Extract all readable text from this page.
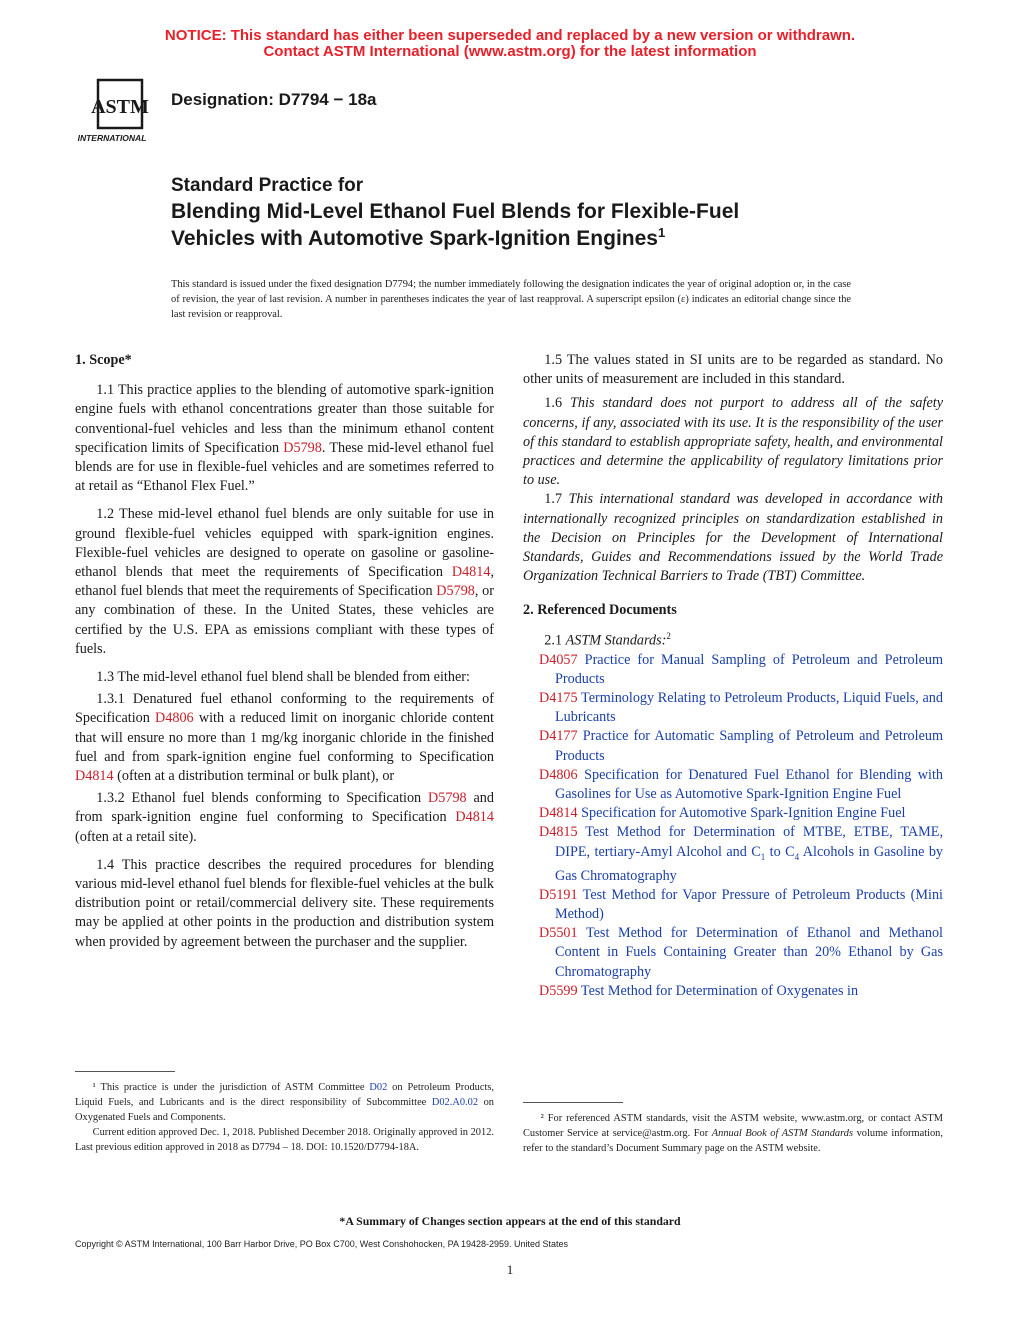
NOTICE: This standard has either been superseded and replaced by a new version or withdrawn.
Contact ASTM International (www.astm.org) for the latest information
ASTM
INTERNATIONAL
Designation: D7794 − 18a
Standard Practice for
Blending Mid-Level Ethanol Fuel Blends for Flexible-Fuel
Vehicles with Automotive Spark-Ignition Engines$^1$
This standard is issued under the fixed designation D7794; the number immediately following the designation indicates the year of original adoption or, in the case of revision, the year of last revision. A number in parentheses indicates the year of last reapproval. A superscript epsilon (ε) indicates an editorial change since the last revision or reapproval.

1. Scope*

1.1 This practice applies to the blending of automotive spark-ignition engine fuels with ethanol concentrations greater than those suitable for conventional-fuel vehicles and less than the minimum ethanol content specification limits of Specification D5798. These mid-level ethanol fuel blends are for use in flexible-fuel vehicles and are sometimes referred to at retail as “Ethanol Flex Fuel.”

1.2 These mid-level ethanol fuel blends are only suitable for use in ground flexible-fuel vehicles equipped with spark-ignition engines. Flexible-fuel vehicles are designed to operate on gasoline or gasoline-ethanol blends that meet the requirements of Specification D4814, ethanol fuel blends that meet the requirements of Specification D5798, or any combination of these. In the United States, these vehicles are certified by the U.S. EPA as emissions compliant with these types of fuels.

1.3 The mid-level ethanol fuel blend shall be blended from either:

1.3.1 Denatured fuel ethanol conforming to the requirements of Specification D4806 with a reduced limit on inorganic chloride content that will ensure no more than 1 mg/kg inorganic chloride in the finished fuel and from spark-ignition engine fuel conforming to Specification D4814 (often at a distribution terminal or bulk plant), or

1.3.2 Ethanol fuel blends conforming to Specification D5798 and from spark-ignition engine fuel conforming to Specification D4814 (often at a retail site).

1.4 This practice describes the required procedures for blending various mid-level ethanol fuel blends for flexible-fuel vehicles at the bulk distribution point or retail/commercial delivery site. These requirements may be applied at other points in the production and distribution system when provided by agreement between the purchaser and the supplier.

¹ This practice is under the jurisdiction of ASTM Committee D02 on Petroleum Products, Liquid Fuels, and Lubricants and is the direct responsibility of Subcommittee D02.A0.02 on Oxygenated Fuels and Components.

Current edition approved Dec. 1, 2018. Published December 2018. Originally approved in 2012. Last previous edition approved in 2018 as D7794 – 18. DOI: 10.1520/D7794-18A.

1.5 The values stated in SI units are to be regarded as standard. No other units of measurement are included in this standard.

1.6 This standard does not purport to address all of the safety concerns, if any, associated with its use. It is the responsibility of the user of this standard to establish appropriate safety, health, and environmental practices and determine the applicability of regulatory limitations prior to use.

1.7 This international standard was developed in accordance with internationally recognized principles on standardization established in the Decision on Principles for the Development of International Standards, Guides and Recommendations issued by the World Trade Organization Technical Barriers to Trade (TBT) Committee.

2. Referenced Documents

2.1 ASTM Standards:$^2$

D4057 Practice for Manual Sampling of Petroleum and Petroleum Products

D4175 Terminology Relating to Petroleum Products, Liquid Fuels, and Lubricants

D4177 Practice for Automatic Sampling of Petroleum and Petroleum Products

D4806 Specification for Denatured Fuel Ethanol for Blending with Gasolines for Use as Automotive Spark-Ignition Engine Fuel

D4814 Specification for Automotive Spark-Ignition Engine Fuel

D4815 Test Method for Determination of MTBE, ETBE, TAME, DIPE, tertiary-Amyl Alcohol and $C_1$ to $C_4$ Alcohols in Gasoline by Gas Chromatography

D5191 Test Method for Vapor Pressure of Petroleum Products (Mini Method)

D5501 Test Method for Determination of Ethanol and Methanol Content in Fuels Containing Greater than 20% Ethanol by Gas Chromatography

D5599 Test Method for Determination of Oxygenates in

² For referenced ASTM standards, visit the ASTM website, www.astm.org, or contact ASTM Customer Service at service@astm.org. For Annual Book of ASTM Standards volume information, refer to the standard’s Document Summary page on the ASTM website.

*A Summary of Changes section appears at the end of this standard
Copyright © ASTM International, 100 Barr Harbor Drive, PO Box C700, West Conshohocken, PA 19428-2959. United States
1
